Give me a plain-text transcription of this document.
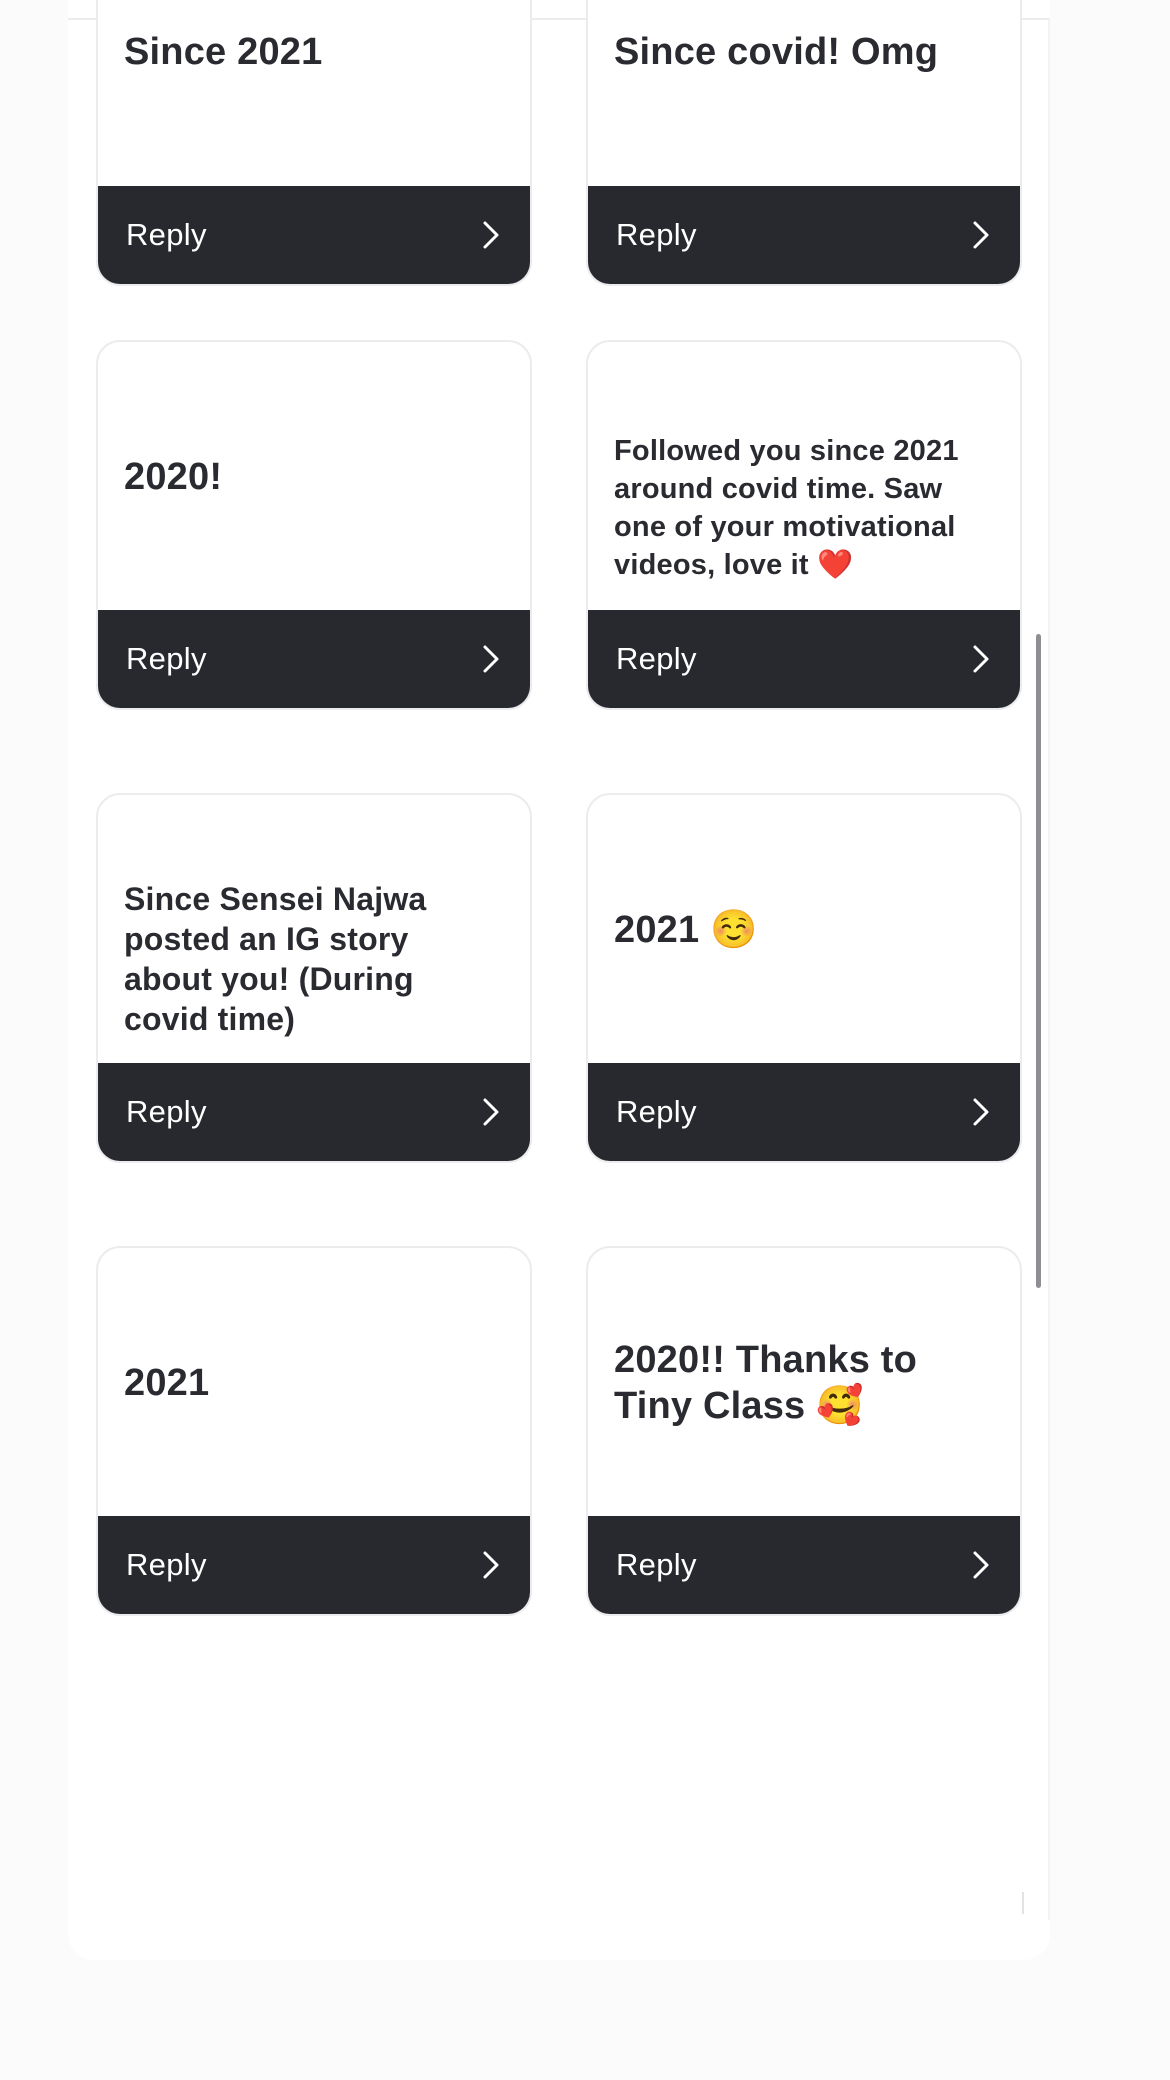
Since 2021
Reply
Since covid! Omg
Reply
2020!
Reply
Followed you since 2021 around covid time. Saw one of your motivational videos, love it ❤️
Reply
Since Sensei Najwa posted an IG story about you! (During covid time)
Reply
2021 ☺️
Reply
2021
Reply
2020!! Thanks to Tiny Class 🥰
Reply
